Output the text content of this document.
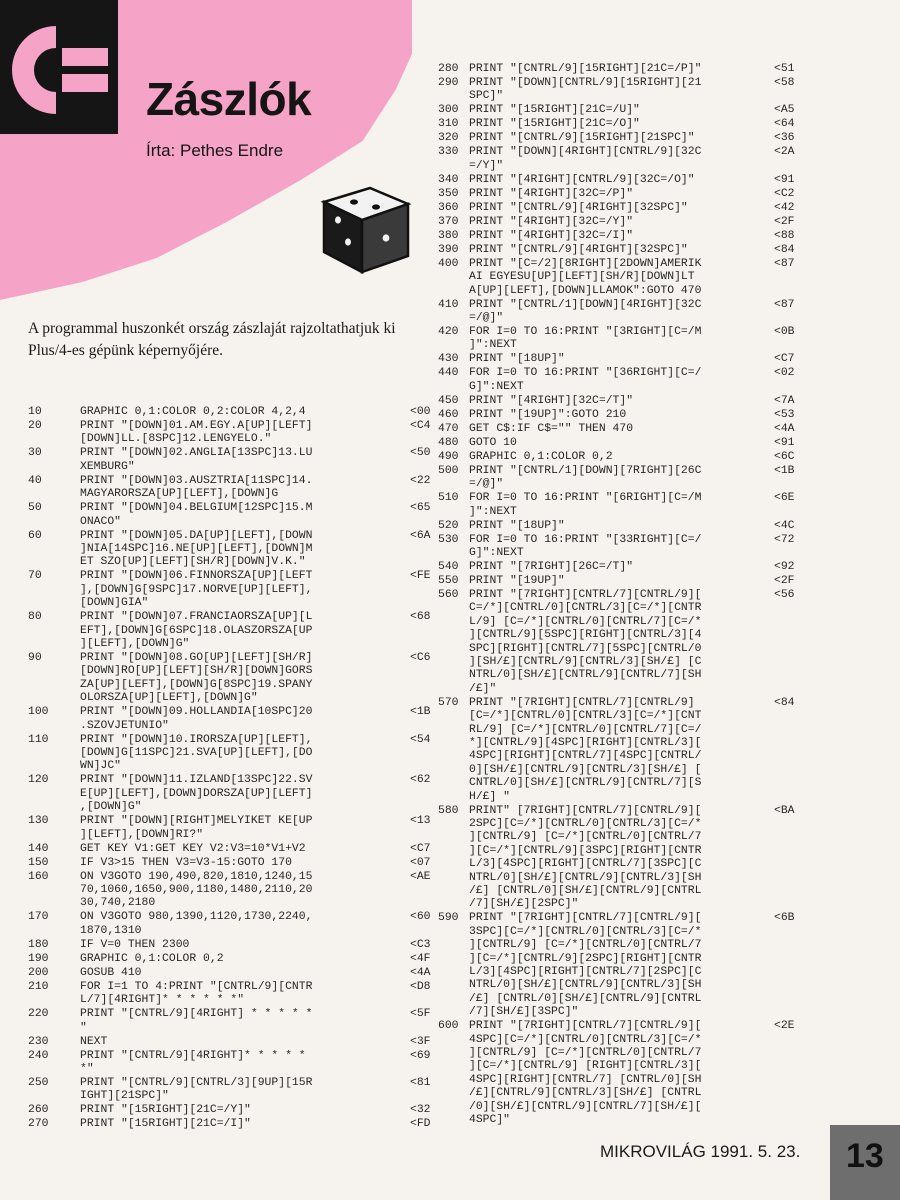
Zászlók
Írta: Pethes Endre
A programmal huszonkét ország zászlaját rajzoltathatjuk ki Plus/4-es gépünk képernyőjére.
10	GRAPHIC 0,1:COLOR 0,2:COLOR 4,2,4	<00
20	PRINT "[DOWN]01.AM.EGY.A[UP][LEFT]
[DOWN]LL.[8SPC]12.LENGYELO."
<C4
30	PRINT "[DOWN]02.ANGLIA[13SPC]13.LU
XEMBURG"
<50
40	PRINT "[DOWN]03.AUSZTRIA[11SPC]14.
MAGYARORSZA[UP][LEFT],[DOWN]G
<22
50	PRINT "[DOWN]04.BELGIUM[12SPC]15.M
ONACO"
<65
60	PRINT "[DOWN]05.DA[UP][LEFT],[DOWN
]NIA[14SPC]16.NE[UP][LEFT],[DOWN]M
ET SZO[UP][LEFT][SH/R][DOWN]V.K."
<6A
70	PRINT "[DOWN]06.FINNORSZA[UP][LEFT
],[DOWN]G[9SPC]17.NORVE[UP][LEFT],
[DOWN]GIA"
<FE
80	PRINT "[DOWN]07.FRANCIAORSZA[UP][L
EFT],[DOWN]G[6SPC]18.OLASZORSZA[UP
][LEFT],[DOWN]G"
<68
90	PRINT "[DOWN]08.GO[UP][LEFT][SH/R]
[DOWN]RO[UP][LEFT][SH/R][DOWN]GORS
ZA[UP][LEFT],[DOWN]G[8SPC]19.SPANY
OLORSZA[UP][LEFT],[DOWN]G"
<C6
100	PRINT "[DOWN]09.HOLLANDIA[10SPC]20
.SZOVJETUNIO"
<1B
110	PRINT "[DOWN]10.IRORSZA[UP][LEFT],
[DOWN]G[11SPC]21.SVA[UP][LEFT],[DO
WN]JC"
<54
120	PRINT "[DOWN]11.IZLAND[13SPC]22.SV
E[UP][LEFT],[DOWN]DORSZA[UP][LEFT]
,[DOWN]G"
<62
130	PRINT "[DOWN][RIGHT]MELYIKET KE[UP
][LEFT],[DOWN]RI?"
<13
140	GET KEY V1:GET KEY V2:V3=10*V1+V2	<C7
150	IF V3>15 THEN V3=V3-15:GOTO 170	<07
160	ON V3GOTO 190,490,820,1810,1240,15
70,1060,1650,900,1180,1480,2110,20
30,740,2180
<AE
170	ON V3GOTO 980,1390,1120,1730,2240,
1870,1310
<60
180	IF V=0 THEN 2300	<C3
190	GRAPHIC 0,1:COLOR 0,2	<4F
200	GOSUB 410	<4A
210	FOR I=1 TO 4:PRINT "[CNTRL/9][CNTR
L/7][4RIGHT]* * * * * *"
<D8
220	PRINT "[CNTRL/9][4RIGHT] * * * * *
"
<5F
230	NEXT	<3F
240	PRINT "[CNTRL/9][4RIGHT]* * * * *
*"
<69
250	PRINT "[CNTRL/9][CNTRL/3][9UP][15R
IGHT][21SPC]"
<81
260	PRINT "[15RIGHT][21C=/Y]"	<32
270	PRINT "[15RIGHT][21C=/I]"	<FD
280 PRINT "[CNTRL/9][15RIGHT][21C=/P]"	<51
290 PRINT "[DOWN][CNTRL/9][15RIGHT][21
SPC]"
<58
300 PRINT "[15RIGHT][21C=/U]"	<A5
310 PRINT "[15RIGHT][21C=/O]"	<64
320 PRINT "[CNTRL/9][15RIGHT][21SPC]"	<36
330 PRINT "[DOWN][4RIGHT][CNTRL/9][32C
=/Y]"
<2A
340 PRINT "[4RIGHT][CNTRL/9][32C=/O]"	<91
350 PRINT "[4RIGHT][32C=/P]"	<C2
360 PRINT "[CNTRL/9][4RIGHT][32SPC]"	<42
370 PRINT "[4RIGHT][32C=/Y]"	<2F
380 PRINT "[4RIGHT][32C=/I]"	<88
390 PRINT "[CNTRL/9][4RIGHT][32SPC]"	<84
400 PRINT "[C=/2][8RIGHT][2DOWN]AMERIK
AI EGYESU[UP][LEFT][SH/R][DOWN]LT
A[UP][LEFT],[DOWN]LLAMOK":GOTO 470
<87
410 PRINT "[CNTRL/1][DOWN][4RIGHT][32C
=/@]"
<87
420 FOR I=0 TO 16:PRINT "[3RIGHT][C=/M
]":NEXT
<0B
430 PRINT "[18UP]"	<C7
440 FOR I=0 TO 16:PRINT "[36RIGHT][C=/
G]":NEXT
<02
450 PRINT "[4RIGHT][32C=/T]"	<7A
460 PRINT "[19UP]":GOTO 210	<53
470 GET C$:IF C$="" THEN 470	<4A
480 GOTO 10	<91
490 GRAPHIC 0,1:COLOR 0,2	<6C
500 PRINT "[CNTRL/1][DOWN][7RIGHT][26C
=/@]"
<1B
510 FOR I=0 TO 16:PRINT "[6RIGHT][C=/M
]":NEXT
<6E
520 PRINT "[18UP]"	<4C
530 FOR I=0 TO 16:PRINT "[33RIGHT][C=/
G]":NEXT
<72
540 PRINT "[7RIGHT][26C=/T]"	<92
550 PRINT "[19UP]"	<2F
560 PRINT "[7RIGHT][CNTRL/7][CNTRL/9][
C=/*][CNTRL/0][CNTRL/3][C=/*][CNTR
L/9] [C=/*][CNTRL/0][CNTRL/7][C=/*
][CNTRL/9][5SPC][RIGHT][CNTRL/3][4
SPC][RIGHT][CNTRL/7][5SPC][CNTRL/0
][SH/£][CNTRL/9][CNTRL/3][SH/£] [C
NTRL/0][SH/£][CNTRL/9][CNTRL/7][SH
/£]"
<56
570 PRINT "[7RIGHT][CNTRL/7][CNTRL/9]
[C=/*][CNTRL/0][CNTRL/3][C=/*][CNT
RL/9] [C=/*][CNTRL/0][CNTRL/7][C=/
*][CNTRL/9][4SPC][RIGHT][CNTRL/3][
4SPC][RIGHT][CNTRL/7][4SPC][CNTRL/
0][SH/£][CNTRL/9][CNTRL/3][SH/£] [
CNTRL/0][SH/£][CNTRL/9][CNTRL/7][S
H/£] "
<84
580 PRINT" [7RIGHT][CNTRL/7][CNTRL/9][
2SPC][C=/*][CNTRL/0][CNTRL/3][C=/*
][CNTRL/9] [C=/*][CNTRL/0][CNTRL/7
][C=/*][CNTRL/9][3SPC][RIGHT][CNTR
L/3][4SPC][RIGHT][CNTRL/7][3SPC][C
NTRL/0][SH/£][CNTRL/9][CNTRL/3][SH
/£] [CNTRL/0][SH/£][CNTRL/9][CNTRL
/7][SH/£][2SPC]"
<BA
590 PRINT "[7RIGHT][CNTRL/7][CNTRL/9][
3SPC][C=/*][CNTRL/0][CNTRL/3][C=/*
][CNTRL/9] [C=/*][CNTRL/0][CNTRL/7
][C=/*][CNTRL/9][2SPC][RIGHT][CNTR
L/3][4SPC][RIGHT][CNTRL/7][2SPC][C
NTRL/0][SH/£][CNTRL/9][CNTRL/3][SH
/£] [CNTRL/0][SH/£][CNTRL/9][CNTRL
/7][SH/£][3SPC]"
<6B
600 PRINT "[7RIGHT][CNTRL/7][CNTRL/9][
4SPC][C=/*][CNTRL/0][CNTRL/3][C=/*
][CNTRL/9] [C=/*][CNTRL/0][CNTRL/7
][C=/*][CNTRL/9] [RIGHT][CNTRL/3][
4SPC][RIGHT][CNTRL/7] [CNTRL/0][SH
/£][CNTRL/9][CNTRL/3][SH/£] [CNTRL
/0][SH/£][CNTRL/9][CNTRL/7][SH/£][
4SPC]"
<2E
MIKROVILÁG 1991. 5. 23. 13
